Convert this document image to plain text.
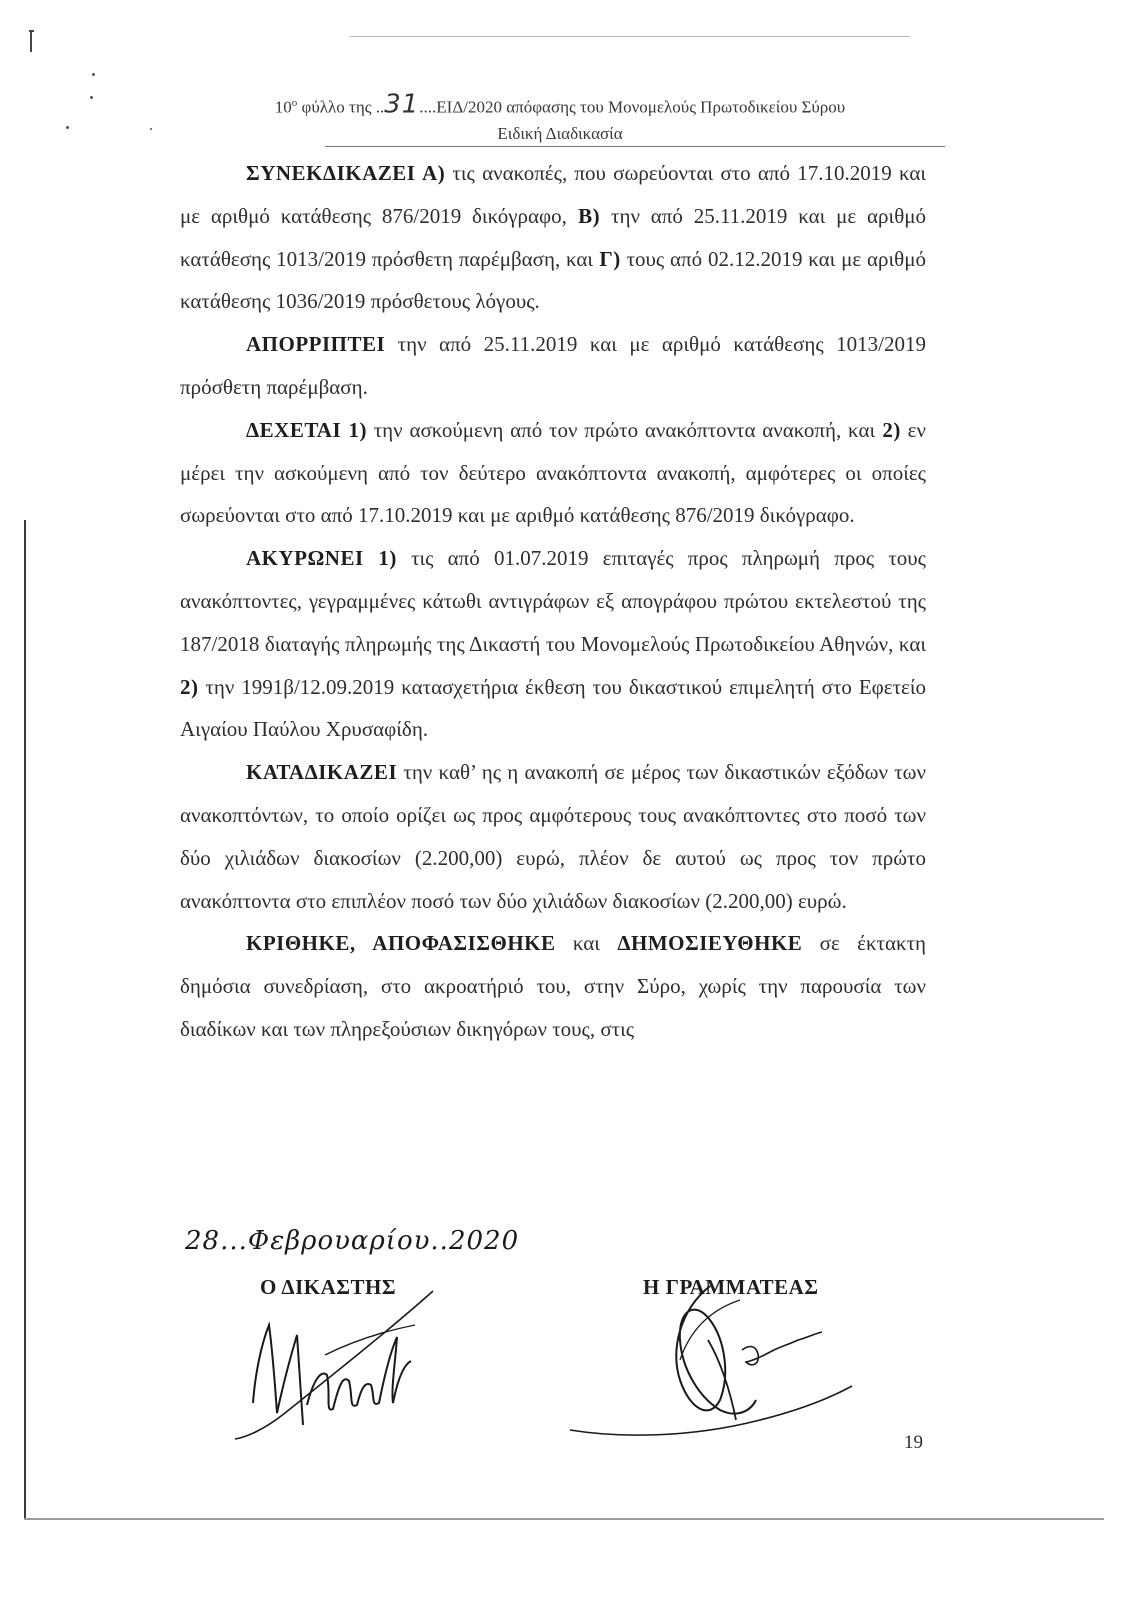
$10^o$ φύλλο της ..31....ΕΙΔ/2020 απόφασης του Μονομελούς Πρωτοδικείου Σύρου
Ειδική Διαδικασία

ΣΥΝΕΚΔΙΚΑΖΕΙ Α) τις ανακοπές, που σωρεύονται στο από 17.10.2019 και με αριθμό κατάθεσης 876/2019 δικόγραφο, Β) την από 25.11.2019 και με αριθμό κατάθεσης 1013/2019 πρόσθετη παρέμβαση, και Γ) τους από 02.12.2019 και με αριθμό κατάθεσης 1036/2019 πρόσθετους λόγους.

ΑΠΟΡΡΙΠΤΕΙ την από 25.11.2019 και με αριθμό κατάθεσης 1013/2019 πρόσθετη παρέμβαση.

ΔΕΧΕΤΑΙ 1) την ασκούμενη από τον πρώτο ανακόπτοντα ανακοπή, και 2) εν μέρει την ασκούμενη από τον δεύτερο ανακόπτοντα ανακοπή, αμφότερες οι οποίες σωρεύονται στο από 17.10.2019 και με αριθμό κατάθεσης 876/2019 δικόγραφο.

ΑΚΥΡΩΝΕΙ 1) τις από 01.07.2019 επιταγές προς πληρωμή προς τους ανακόπτοντες, γεγραμμένες κάτωθι αντιγράφων εξ απογράφου πρώτου εκτελεστού της 187/2018 διαταγής πληρωμής της Δικαστή του Μονομελούς Πρωτοδικείου Αθηνών, και 2) την 1991β/12.09.2019 κατασχετήρια έκθεση του δικαστικού επιμελητή στο Εφετείο Αιγαίου Παύλου Χρυσαφίδη.

ΚΑΤΑΔΙΚΑΖΕΙ την καθ’ ης η ανακοπή σε μέρος των δικαστικών εξόδων των ανακοπτόντων, το οποίο ορίζει ως προς αμφότερους τους ανακόπτοντες στο ποσό των δύο χιλιάδων διακοσίων (2.200,00) ευρώ, πλέον δε αυτού ως προς τον πρώτο ανακόπτοντα στο επιπλέον ποσό των δύο χιλιάδων διακοσίων (2.200,00) ευρώ.

ΚΡΙΘΗΚΕ, ΑΠΟΦΑΣΙΣΘΗΚΕ και ΔΗΜΟΣΙΕΥΘΗΚΕ σε έκτακτη δημόσια συνεδρίαση, στο ακροατήριό του, στην Σύρο, χωρίς την παρουσία των διαδίκων και των πληρεξούσιων δικηγόρων τους, στις

28...Φεβρουαρίου..2020
Ο ΔΙΚΑΣΤΗΣ	Η ΓΡΑΜΜΑΤΕΑΣ
19
